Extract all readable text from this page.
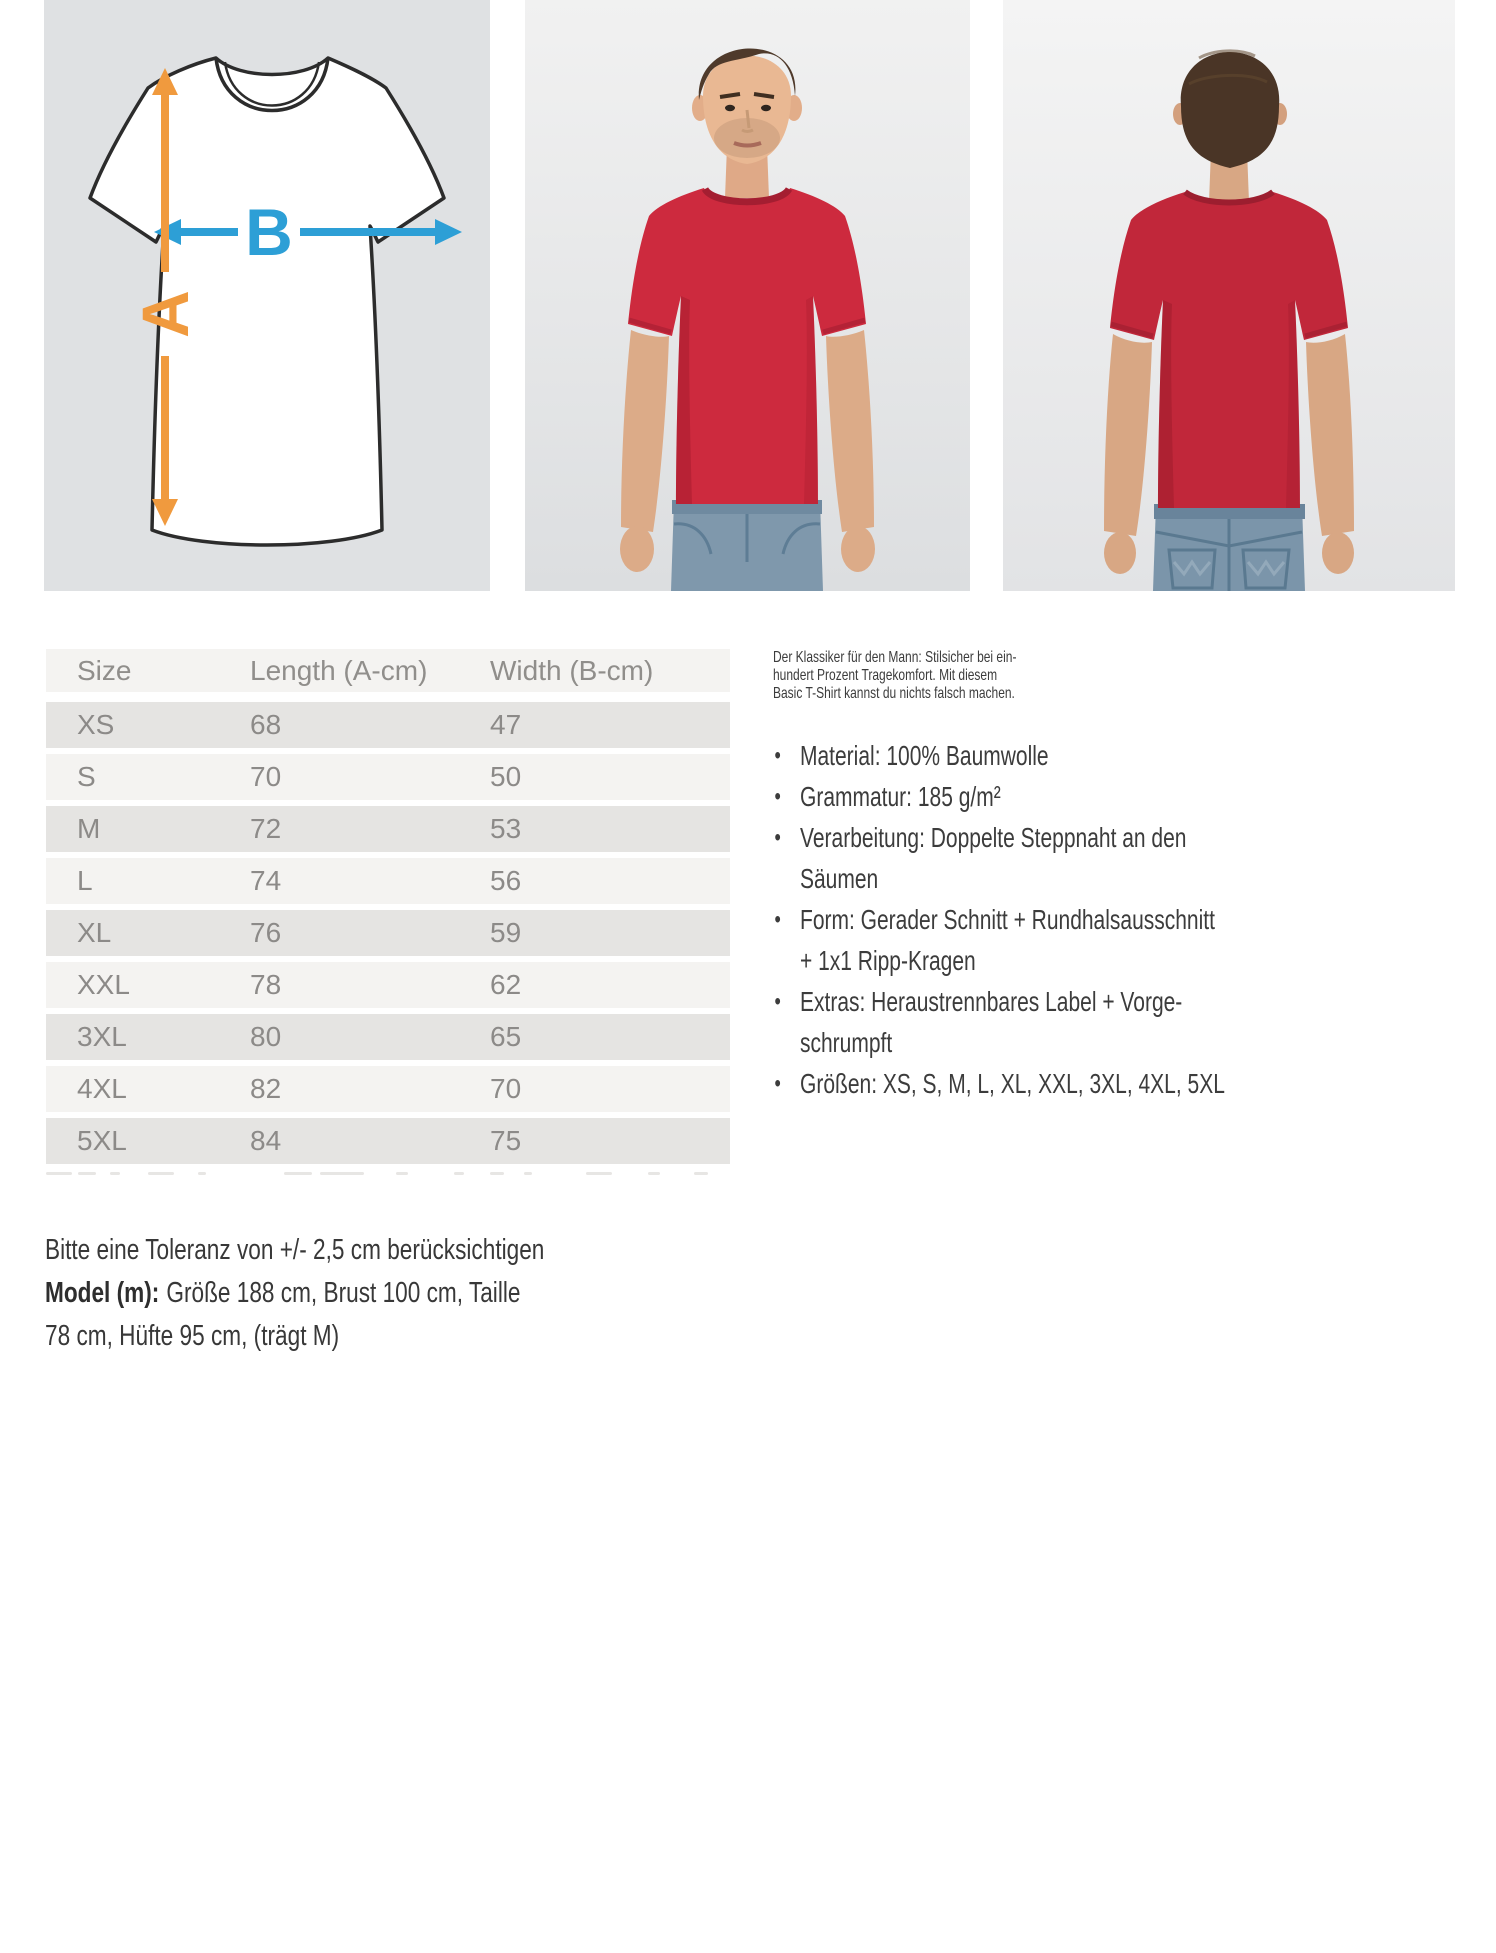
B
A
Size	Length (A-cm)	Width (B-cm)
XS	68	47
S	70	50
M	72	53
L	74	56
XL	76	59
XXL	78	62
3XL	80	65
4XL	82	70
5XL	84	75

Der Klassiker für den Mann: Stilsicher bei ein-
hundert Prozent Tragekomfort. Mit diesem
Basic T-Shirt kannst du nichts falsch machen.

• Material: 100% Baumwolle
• Grammatur: 185 g/m²
• Verarbeitung: Doppelte Steppnaht an den
Säumen
• Form: Gerader Schnitt + Rundhalsausschnitt
+ 1x1 Ripp-Kragen
• Extras: Heraustrennbares Label + Vorge-
schrumpft
• Größen: XS, S, M, L, XL, XXL, 3XL, 4XL, 5XL
Bitte eine Toleranz von +/- 2,5 cm berücksichtigen
Model (m): Größe 188 cm, Brust 100 cm, Taille
78 cm, Hüfte 95 cm, (trägt M)
